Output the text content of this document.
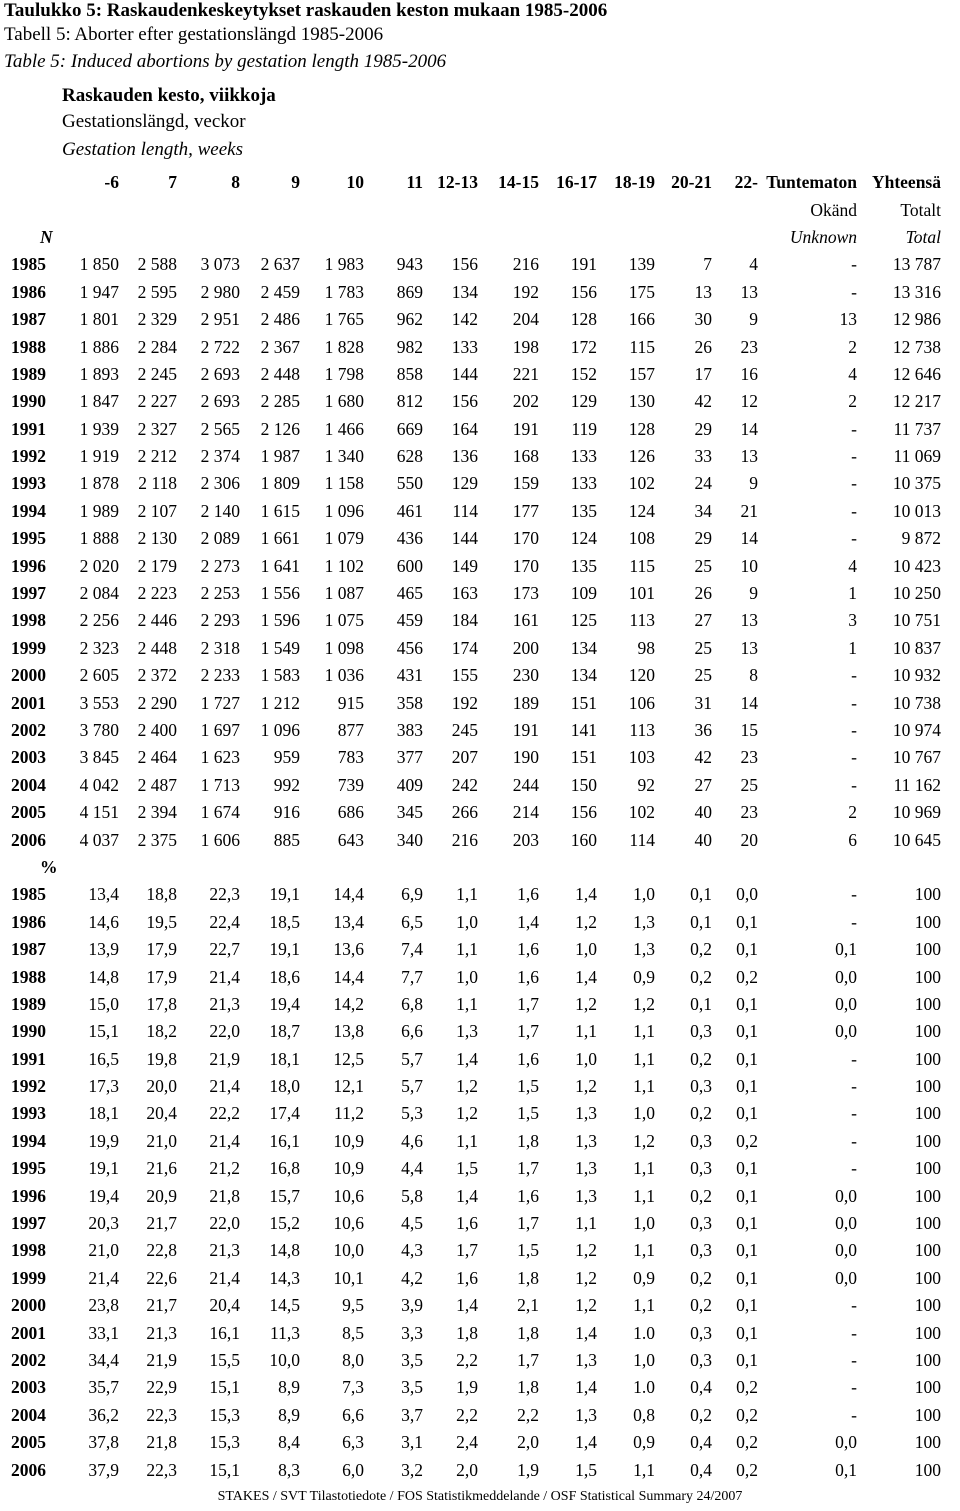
Taulukko 5: Raskaudenkeskeytykset raskauden keston mukaan 1985-2006
Tabell 5: Aborter efter gestationslängd 1985-2006
Table 5: Induced abortions by gestation length 1985-2006
Raskauden kesto, viikkoja
Gestationslängd, veckor
Gestation length, weeks
	-6	7	8	9	10	11	12-13	14-15	16-17	18-19	20-21	22-	Tuntematon	Yhteensä
													Okänd	Totalt
N													Unknown	Total
1985	1 850	2 588	3 073	2 637	1 983	943	156	216	191	139	7	4	-	13 787
1986	1 947	2 595	2 980	2 459	1 783	869	134	192	156	175	13	13	-	13 316
1987	1 801	2 329	2 951	2 486	1 765	962	142	204	128	166	30	9	13	12 986
1988	1 886	2 284	2 722	2 367	1 828	982	133	198	172	115	26	23	2	12 738
1989	1 893	2 245	2 693	2 448	1 798	858	144	221	152	157	17	16	4	12 646
1990	1 847	2 227	2 693	2 285	1 680	812	156	202	129	130	42	12	2	12 217
1991	1 939	2 327	2 565	2 126	1 466	669	164	191	119	128	29	14	-	11 737
1992	1 919	2 212	2 374	1 987	1 340	628	136	168	133	126	33	13	-	11 069
1993	1 878	2 118	2 306	1 809	1 158	550	129	159	133	102	24	9	-	10 375
1994	1 989	2 107	2 140	1 615	1 096	461	114	177	135	124	34	21	-	10 013
1995	1 888	2 130	2 089	1 661	1 079	436	144	170	124	108	29	14	-	9 872
1996	2 020	2 179	2 273	1 641	1 102	600	149	170	135	115	25	10	4	10 423
1997	2 084	2 223	2 253	1 556	1 087	465	163	173	109	101	26	9	1	10 250
1998	2 256	2 446	2 293	1 596	1 075	459	184	161	125	113	27	13	3	10 751
1999	2 323	2 448	2 318	1 549	1 098	456	174	200	134	98	25	13	1	10 837
2000	2 605	2 372	2 233	1 583	1 036	431	155	230	134	120	25	8	-	10 932
2001	3 553	2 290	1 727	1 212	915	358	192	189	151	106	31	14	-	10 738
2002	3 780	2 400	1 697	1 096	877	383	245	191	141	113	36	15	-	10 974
2003	3 845	2 464	1 623	959	783	377	207	190	151	103	42	23	-	10 767
2004	4 042	2 487	1 713	992	739	409	242	244	150	92	27	25	-	11 162
2005	4 151	2 394	1 674	916	686	345	266	214	156	102	40	23	2	10 969
2006	4 037	2 375	1 606	885	643	340	216	203	160	114	40	20	6	10 645
%														
1985	13,4	18,8	22,3	19,1	14,4	6,9	1,1	1,6	1,4	1,0	0,1	0,0	-	100
1986	14,6	19,5	22,4	18,5	13,4	6,5	1,0	1,4	1,2	1,3	0,1	0,1	-	100
1987	13,9	17,9	22,7	19,1	13,6	7,4	1,1	1,6	1,0	1,3	0,2	0,1	0,1	100
1988	14,8	17,9	21,4	18,6	14,4	7,7	1,0	1,6	1,4	0,9	0,2	0,2	0,0	100
1989	15,0	17,8	21,3	19,4	14,2	6,8	1,1	1,7	1,2	1,2	0,1	0,1	0,0	100
1990	15,1	18,2	22,0	18,7	13,8	6,6	1,3	1,7	1,1	1,1	0,3	0,1	0,0	100
1991	16,5	19,8	21,9	18,1	12,5	5,7	1,4	1,6	1,0	1,1	0,2	0,1	-	100
1992	17,3	20,0	21,4	18,0	12,1	5,7	1,2	1,5	1,2	1,1	0,3	0,1	-	100
1993	18,1	20,4	22,2	17,4	11,2	5,3	1,2	1,5	1,3	1,0	0,2	0,1	-	100
1994	19,9	21,0	21,4	16,1	10,9	4,6	1,1	1,8	1,3	1,2	0,3	0,2	-	100
1995	19,1	21,6	21,2	16,8	10,9	4,4	1,5	1,7	1,3	1,1	0,3	0,1	-	100
1996	19,4	20,9	21,8	15,7	10,6	5,8	1,4	1,6	1,3	1,1	0,2	0,1	0,0	100
1997	20,3	21,7	22,0	15,2	10,6	4,5	1,6	1,7	1,1	1,0	0,3	0,1	0,0	100
1998	21,0	22,8	21,3	14,8	10,0	4,3	1,7	1,5	1,2	1,1	0,3	0,1	0,0	100
1999	21,4	22,6	21,4	14,3	10,1	4,2	1,6	1,8	1,2	0,9	0,2	0,1	0,0	100
2000	23,8	21,7	20,4	14,5	9,5	3,9	1,4	2,1	1,2	1,1	0,2	0,1	-	100
2001	33,1	21,3	16,1	11,3	8,5	3,3	1,8	1,8	1,4	1.0	0,3	0,1	-	100
2002	34,4	21,9	15,5	10,0	8,0	3,5	2,2	1,7	1,3	1,0	0,3	0,1	-	100
2003	35,7	22,9	15,1	8,9	7,3	3,5	1,9	1,8	1,4	1.0	0,4	0,2	-	100
2004	36,2	22,3	15,3	8,9	6,6	3,7	2,2	2,2	1,3	0,8	0,2	0,2	-	100
2005	37,8	21,8	15,3	8,4	6,3	3,1	2,4	2,0	1,4	0,9	0,4	0,2	0,0	100
2006	37,9	22,3	15,1	8,3	6,0	3,2	2,0	1,9	1,5	1,1	0,4	0,2	0,1	100
STAKES / SVT Tilastotiedote / FOS Statistikmeddelande / OSF Statistical Summary 24/2007
